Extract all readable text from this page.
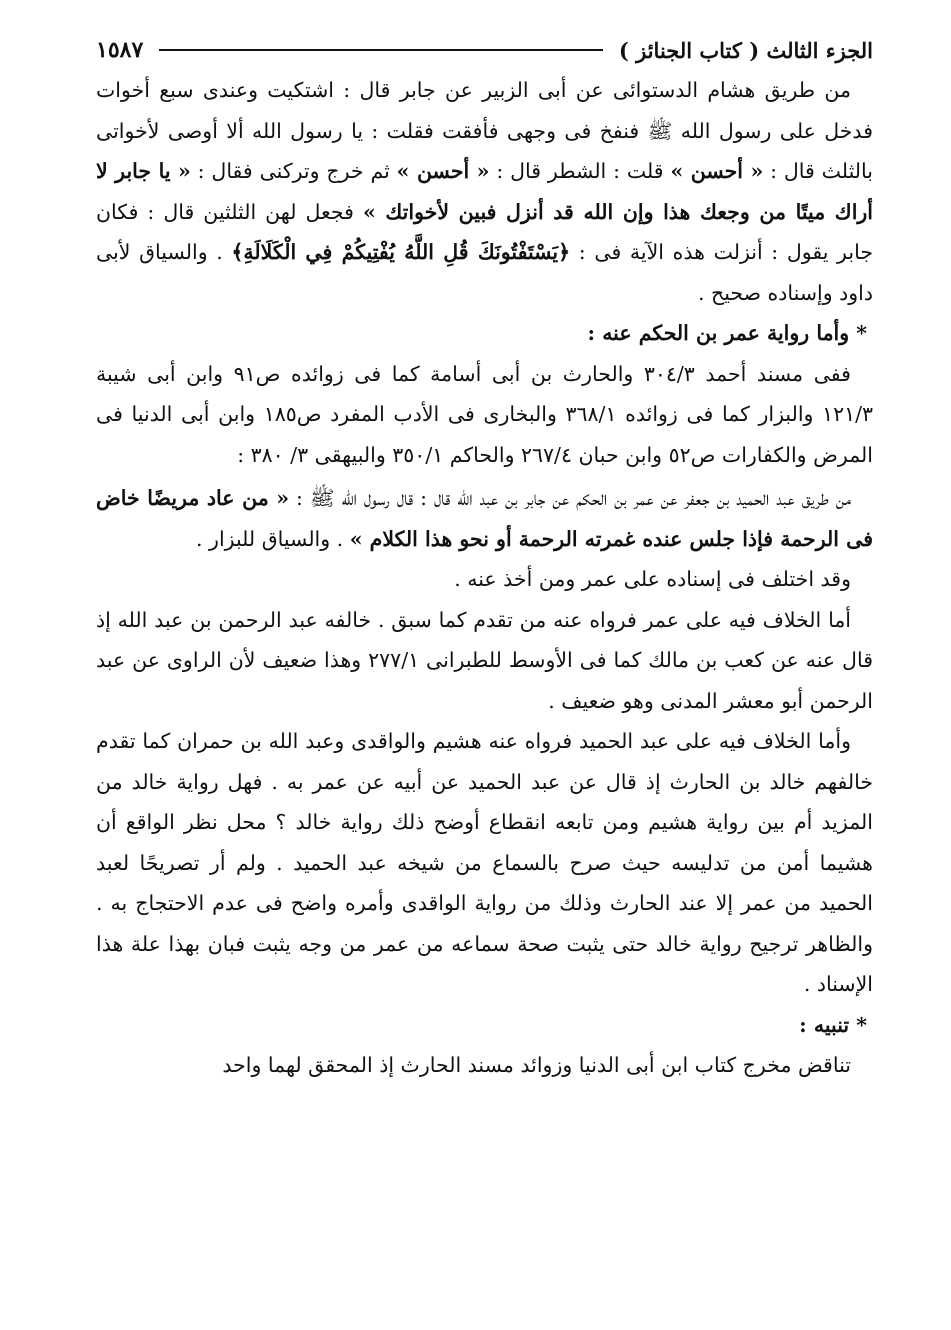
الجزء الثالث ( كتاب الجنائز )
١٥٨٧

من طريق هشام الدستوائى عن أبى الزبير عن جابر قال : اشتكيت وعندى سبع أخوات فدخل على رسول الله ﷺ فنفخ فى وجهى فأفقت فقلت : يا رسول الله ألا أوصى لأخواتى بالثلث قال : « أحسن » قلت : الشطر قال : « أحسن » ثم خرج وتركنى فقال : « يا جابر لا أراك ميتًا من وجعك هذا وإن الله قد أنزل فبين لأخواتك » فجعل لهن الثلثين قال : فكان جابر يقول : أنزلت هذه الآية فى : ﴿يَسْتَفْتُونَكَ قُلِ اللَّهُ يُفْتِيكُمْ فِي الْكَلَالَةِ﴾ . والسياق لأبى داود وإسناده صحيح .

* وأما رواية عمر بن الحكم عنه :

ففى مسند أحمد ٣٠٤/٣ والحارث بن أبى أسامة كما فى زوائده ص٩١ وابن أبى شيبة ١٢١/٣ والبزار كما فى زوائده ٣٦٨/١ والبخارى فى الأدب المفرد ص١٨٥ وابن أبى الدنيا فى المرض والكفارات ص٥٢ وابن حبان ٢٦٧/٤ والحاكم ٣٥٠/١ والبيهقى ٣/ ٣٨٠ :

من طريق عبد الحميد بن جعفر عن عمر بن الحكم عن جابر بن عبد الله قال : قال رسول الله ﷺ : « من عاد مريضًا خاض فى الرحمة فإذا جلس عنده غمرته الرحمة أو نحو هذا الكلام » . والسياق للبزار .

وقد اختلف فى إسناده على عمر ومن أخذ عنه .

أما الخلاف فيه على عمر فرواه عنه من تقدم كما سبق . خالفه عبد الرحمن بن عبد الله إذ قال عنه عن كعب بن مالك كما فى الأوسط للطبرانى ٢٧٧/١ وهذا ضعيف لأن الراوى عن عبد الرحمن أبو معشر المدنى وهو ضعيف .

وأما الخلاف فيه على عبد الحميد فرواه عنه هشيم والواقدى وعبد الله بن حمران كما تقدم خالفهم خالد بن الحارث إذ قال عن عبد الحميد عن أبيه عن عمر به . فهل رواية خالد من المزيد أم بين رواية هشيم ومن تابعه انقطاع أوضح ذلك رواية خالد ؟ محل نظر الواقع أن هشيما أمن من تدليسه حيث صرح بالسماع من شيخه عبد الحميد . ولم أر تصريحًا لعبد الحميد من عمر إلا عند الحارث وذلك من رواية الواقدى وأمره واضح فى عدم الاحتجاج به . والظاهر ترجيح رواية خالد حتى يثبت صحة سماعه من عمر من وجه يثبت فبان بهذا علة هذا الإسناد .

* تنبيه :

تناقض مخرج كتاب ابن أبى الدنيا وزوائد مسند الحارث إذ المحقق لهما واحد
